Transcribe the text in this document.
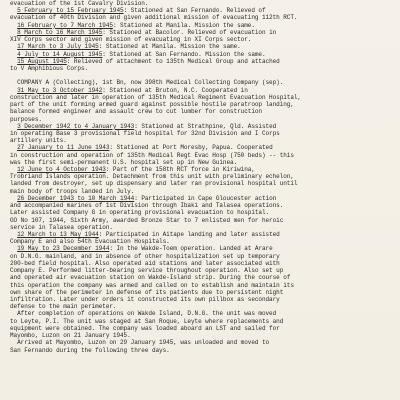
evacuation of the 1st Cavalry Division.
5 February to 15 February 1945: Stationed at San Fernando. Relieved of
evacuation of 40th Division and given additional mission of evacuating 112th RCT.
16 February to 7 March 1945: Stationed at Manila. Mission the same.
8 March to 16 March 1945: Stationed at Bacolor. Relieved of evacuation in
XIV Corps sector and given mission of evacuating in XI Corps sector.
17 March to 3 July 1945: Stationed at Manila. Mission the same.
4 July to 14 August 1945: Stationed at San Fernando. Mission the same.
15 August 1945: Relieved of attachment to 135th Medical Group and attached
to V Amphibious Corps.
COMPANY A (Collecting), 1st Bn, now 398th Medical Collecting Company (sep).
31 May to 3 October 1942: Stationed at Bruton, N.C. Cooperated in
construction and later in operation of 135th Medical Regiment Evacuation Hospital,
part of the unit forming armed guard against possible hostile paratroop landing,
balance formed engineer and assault crew to cut lumber for construction
purposes.
3 December 1942 to 4 January 1943: Stationed at Strathpine, Qld. Assisted
in operating Base 3 provisional field hospital for 32nd Division and I Corps
artillery units.
27 January to 11 June 1943: Stationed at Port Moresby, Papua. Cooperated
in construction and operation of 135th Medical Regt Evac Hosp (750 beds) -- this
was the first semi-permanent U.S. hospital set up in New Guinea.
12 June to 4 October 1943: Part of the 158th RCT force in Kiriwina,
Trobriand Islands operation. Detachment from this unit with preliminary echelon,
landed from destroyer, set up dispensary and later ran provisional hospital until
main body of troops landed in July.
26 December 1943 to 10 March 1944: Participated in Cape Gloucester action
and accompanied marines of 1st Division through Ibaki and Talasea operations.
Later assisted Company G in operating provisional evacuation to hospital.
GO No 107, 1944, Sixth Army, awarded Bronze Star to 7 enlisted men for heroic
service in Talasea operation.
12 March to 13 May 1944: Participated in Aitape landing and later assisted
Company E and also 54th Evacuation Hospitals.
19 May to 23 December 1944: In the Wakde-Toem operation. Landed at Arare
on D.N.G. mainland, and in absence of other hospitalization set up temporary
200-bed field hospital. Also operated aid stations and later associated with
Company E. Performed litter-bearing service throughout operation. Also set up
and operated air evacuation station on Wakde-Island strip. During the course of
this operation the company was armed and called on to establish and maintain its
own share of the perimeter in defense of its patients due to persistent night
infiltration. Later under orders it constructed its own pillbox as secondary
defense to the main perimeter.
After completion of operations on Wakde Island, D.N.G. the unit was moved
to Leyte, P.I. The unit was staged at San Roque, Leyte where replacements and
equipment were obtained. The company was loaded aboard an LST and sailed for
Mayombo, Luzon on 21 January 1945.
Arrived at Mayombo, Luzon on 29 January 1945, was unloaded and moved to
San Fernando during the following three days.
